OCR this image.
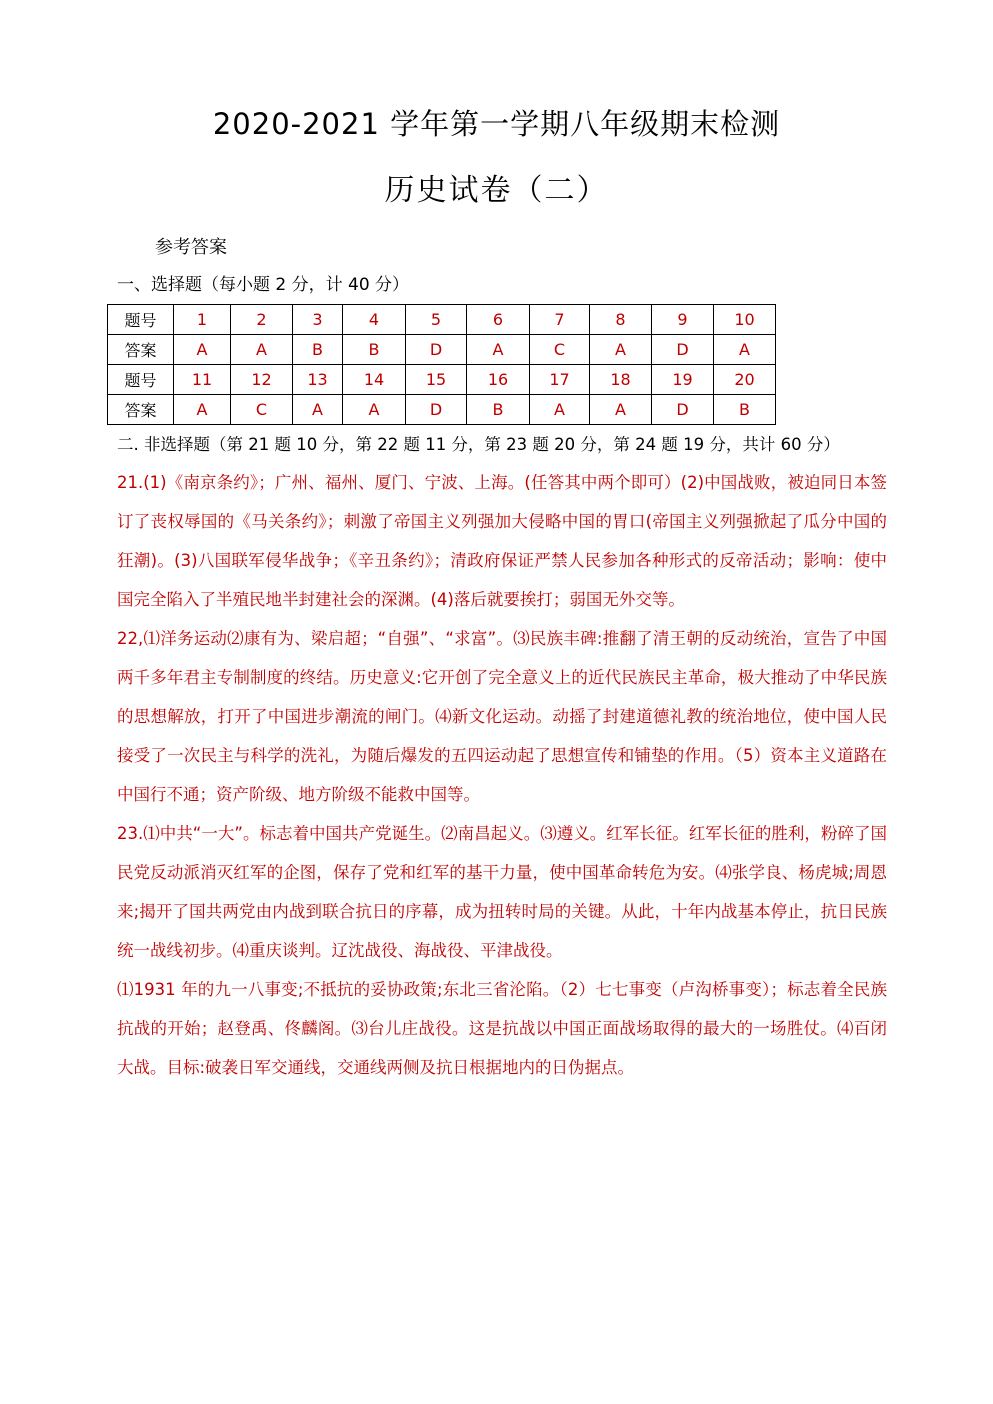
2020-2021 学年第一学期八年级期末检测
历史试卷（二）
参考答案
一、选择题（每小题 2 分，计 40 分）
题号	1	2	3	4	5	6	7	8	9	10
答案	A	A	B	B	D	A	C	A	D	A
题号	11	12	13	14	15	16	17	18	19	20
答案	A	C	A	A	D	B	A	A	D	B
二. 非选择题（第 21 题 10 分，第 22 题 11 分，第 23 题 20 分，第 24 题 19 分，共计 60 分）

21.(1)《南京条约》；广州、福州、厦门、宁波、上海。(任答其中两个即可）(2)中国战败，被迫同日本签订了丧权辱国的《马关条约》；刺激了帝国主义列强加大侵略中国的胃口(帝国主义列强掀起了瓜分中国的狂潮)。(3)八国联军侵华战争；《辛丑条约》；清政府保证严禁人民参加各种形式的反帝活动；影响：使中国完全陷入了半殖民地半封建社会的深渊。(4)落后就要挨打；弱国无外交等。

22,⑴洋务运动⑵康有为、梁启超；“自强”、“求富”。⑶民族丰碑:推翻了清王朝的反动统治，宣告了中国两千多年君主专制制度的终结。历史意义:它开创了完全意义上的近代民族民主革命，极大推动了中华民族的思想解放，打开了中国进步潮流的闸门。⑷新文化运动。动摇了封建道德礼教的统治地位，使中国人民接受了一次民主与科学的洗礼，为随后爆发的五四运动起了思想宣传和铺垫的作用。（5）资本主义道路在中国行不通；资产阶级、地方阶级不能救中国等。

23.⑴中共“一大”。标志着中国共产党诞生。⑵南昌起义。⑶遵义。红军长征。红军长征的胜利，粉碎了国民党反动派消灭红军的企图，保存了党和红军的基干力量，使中国革命转危为安。⑷张学良、杨虎城;周恩来;揭开了国共两党由内战到联合抗日的序幕，成为扭转时局的关键。从此，十年内战基本停止，抗日民族统一战线初步。⑷重庆谈判。辽沈战役、海战役、平津战役。

⑴1931 年的九一八事变;不抵抗的妥协政策;东北三省沦陷。（2）七七事变（卢沟桥事变）；标志着全民族抗战的开始；赵登禹、佟麟阁。⑶台儿庄战役。这是抗战以中国正面战场取得的最大的一场胜仗。⑷百闭大战。目标:破袭日军交通线，交通线两侧及抗日根据地内的日伪据点。
